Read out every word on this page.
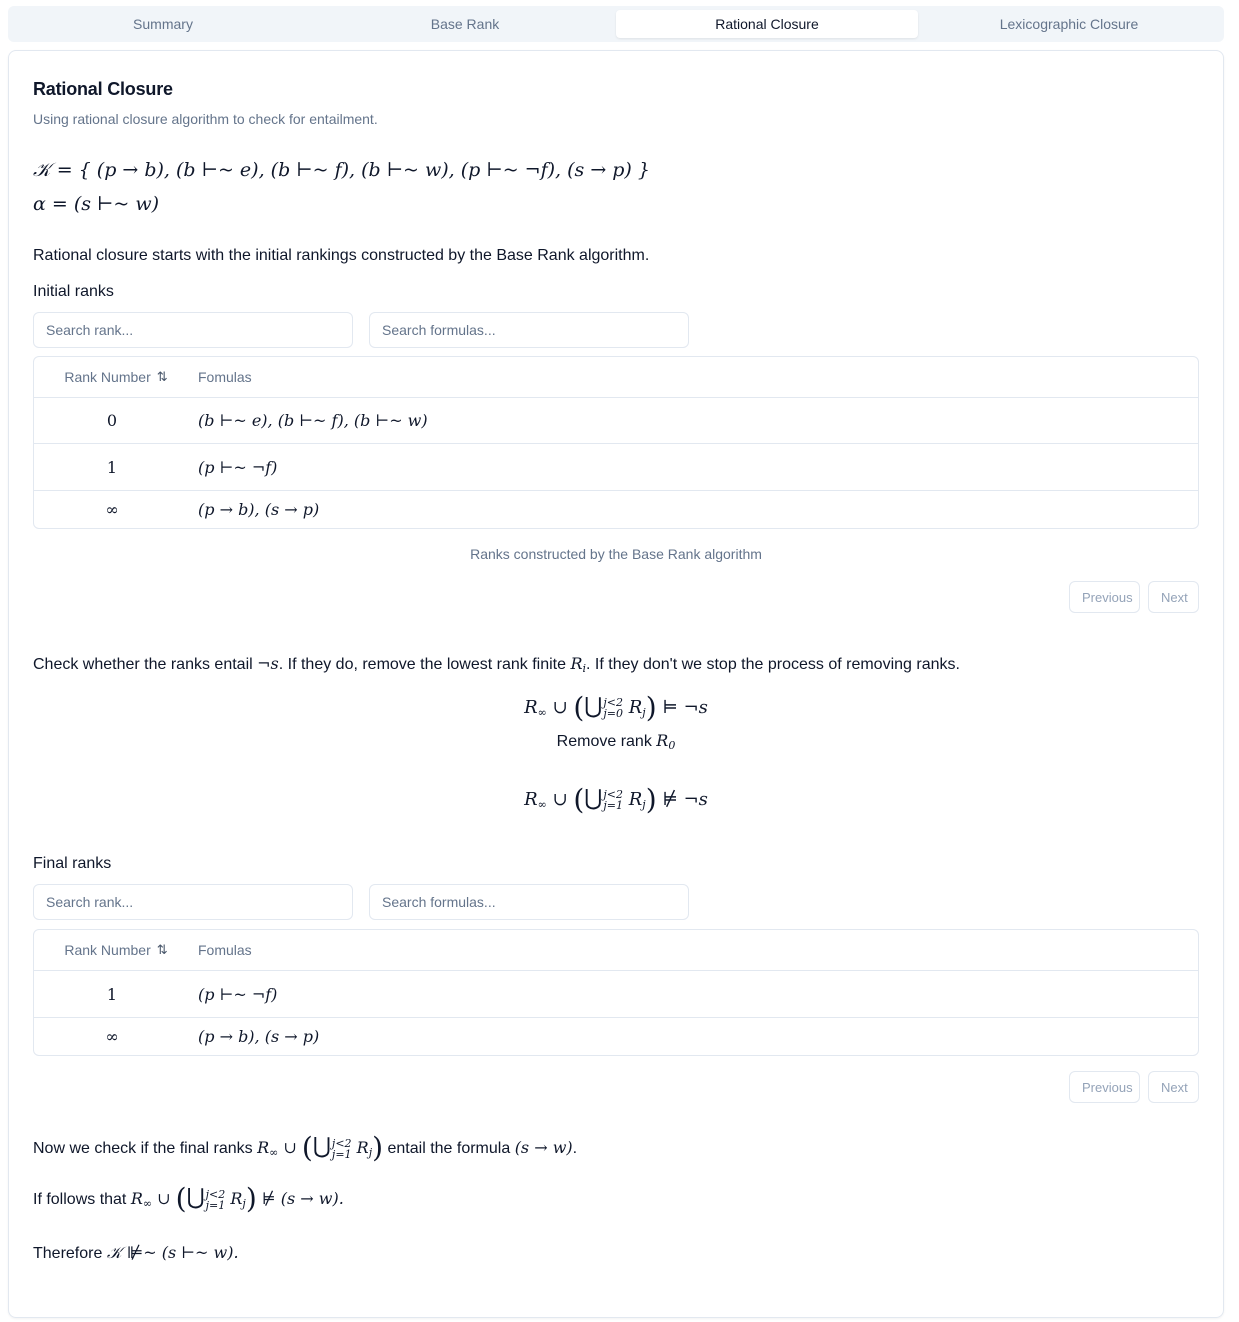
Summary	Base Rank	Rational Closure	Lexicographic Closure
Rational Closure
Using rational closure algorithm to check for entailment.
𝒦 = { (p → b), (b ⊢~ e), (b ⊢~ f), (b ⊢~ w), (p ⊢~ ¬f), (s → p) }
α = (s ⊢~ w)
Rational closure starts with the initial rankings constructed by the Base Rank algorithm.
Initial ranks
Search rank...
Search formulas...
Rank Number ⇅ Fomulas
0	(b ⊢~ e), (b ⊢~ f), (b ⊢~ w)
1	(p ⊢~ ¬f)
∞	(p → b), (s → p)
Ranks constructed by the Base Rank algorithm
Previous	Next
Check whether the ranks entail ¬s. If they do, remove the lowest rank finite $R_i$. If they don't we stop the process of removing ranks.
$R_\infty$ ∪ (⋃j<2
j=0 $R_j$) ⊨ ¬s
Remove rank $R_0$
$R_\infty$ ∪ (⋃j<2
j=1 $R_j$) ⊭ ¬s
Final ranks
Search rank...
Search formulas...
Rank Number ⇅ Fomulas
1	(p ⊢~ ¬f)
∞	(p → b), (s → p)
Previous	Next
Now we check if the final ranks $R_\infty$ ∪ (⋃j<2
j=1 $R_j$) entail the formula (s → w).
If follows that $R_\infty$ ∪ (⋃j<2
j=1 $R_j$) ⊭ (s → w).
Therefore 𝒦 ⊯~ (s ⊢~ w).
